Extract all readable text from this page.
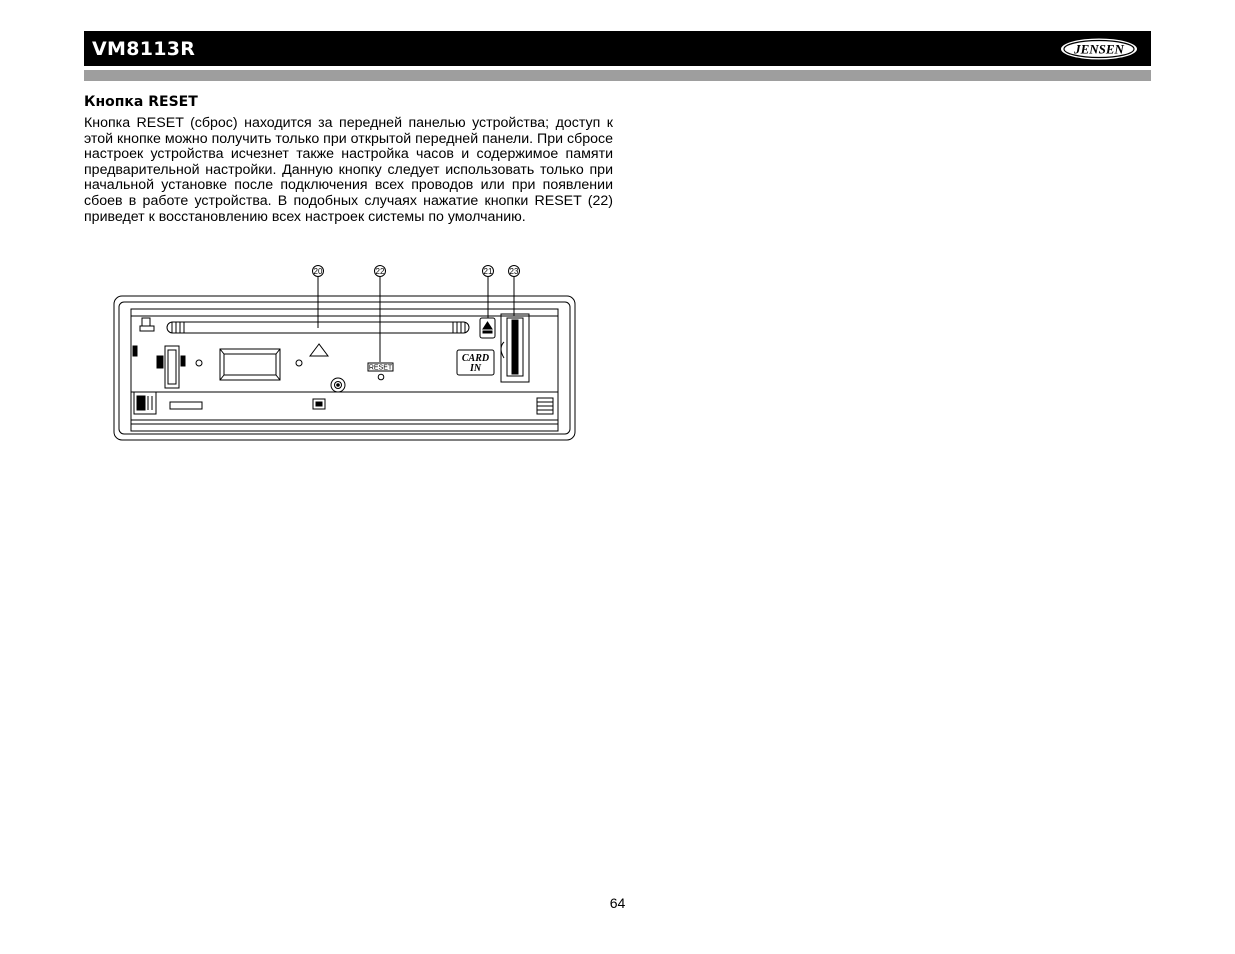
VM8113R	JENSEN
Кнопка RESET

Кнопка RESET (сброс) находится за передней панелью устройства; доступ к этой кнопке можно получить только при открытой передней панели. При сбросе настроек устройства исчезнет также настройка часов и содержимое памяти предварительной настройки. Данную кнопку следует использовать только при начальной установке после подключения всех проводов или при появлении сбоев в работе устройства. В подобных случаях нажатие кнопки RESET (22) приведет к восстановлению всех настроек системы по умолчанию.

20	22	21 23
RESET
CARD
IN
64
